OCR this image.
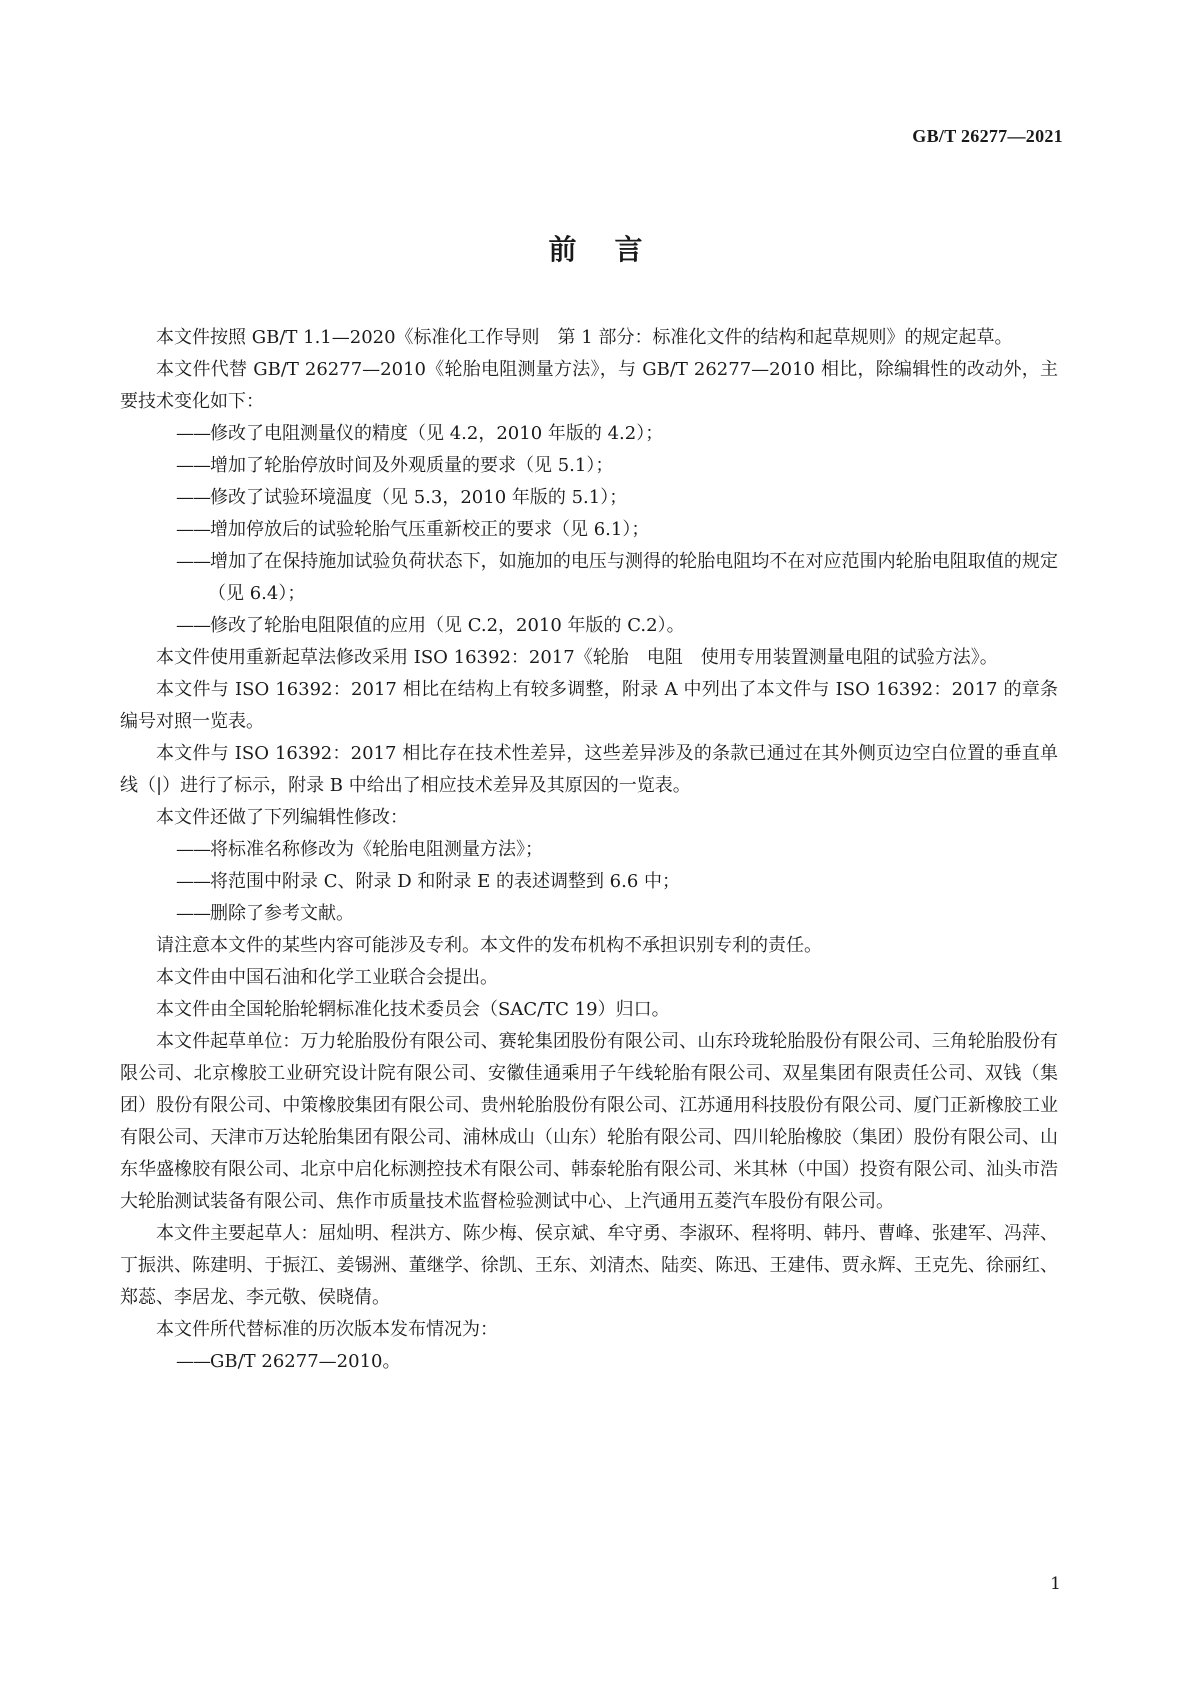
GB/T 26277—2021
前言

本文件按照 GB/T 1.1—2020《标准化工作导则　第 1 部分：标准化文件的结构和起草规则》的规定起草。

本文件代替 GB/T 26277—2010《轮胎电阻测量方法》，与 GB/T 26277—2010 相比，除编辑性的改动外，主要技术变化如下：

——修改了电阻测量仪的精度（见 4.2，2010 年版的 4.2）；

——增加了轮胎停放时间及外观质量的要求（见 5.1）；

——修改了试验环境温度（见 5.3，2010 年版的 5.1）；

——增加停放后的试验轮胎气压重新校正的要求（见 6.1）；

——增加了在保持施加试验负荷状态下，如施加的电压与测得的轮胎电阻均不在对应范围内轮胎电阻取值的规定（见 6.4）；

——修改了轮胎电阻限值的应用（见 C.2，2010 年版的 C.2）。

本文件使用重新起草法修改采用 ISO 16392：2017《轮胎　电阻　使用专用装置测量电阻的试验方法》。

本文件与 ISO 16392：2017 相比在结构上有较多调整，附录 A 中列出了本文件与 ISO 16392：2017 的章条编号对照一览表。

本文件与 ISO 16392：2017 相比存在技术性差异，这些差异涉及的条款已通过在其外侧页边空白位置的垂直单线（|）进行了标示，附录 B 中给出了相应技术差异及其原因的一览表。

本文件还做了下列编辑性修改：

——将标准名称修改为《轮胎电阻测量方法》；

——将范围中附录 C、附录 D 和附录 E 的表述调整到 6.6 中；

——删除了参考文献。

请注意本文件的某些内容可能涉及专利。本文件的发布机构不承担识别专利的责任。

本文件由中国石油和化学工业联合会提出。

本文件由全国轮胎轮辋标准化技术委员会（SAC/TC 19）归口。

本文件起草单位：万力轮胎股份有限公司、赛轮集团股份有限公司、山东玲珑轮胎股份有限公司、三角轮胎股份有限公司、北京橡胶工业研究设计院有限公司、安徽佳通乘用子午线轮胎有限公司、双星集团有限责任公司、双钱（集团）股份有限公司、中策橡胶集团有限公司、贵州轮胎股份有限公司、江苏通用科技股份有限公司、厦门正新橡胶工业有限公司、天津市万达轮胎集团有限公司、浦林成山（山东）轮胎有限公司、四川轮胎橡胶（集团）股份有限公司、山东华盛橡胶有限公司、北京中启化标测控技术有限公司、韩泰轮胎有限公司、米其林（中国）投资有限公司、汕头市浩大轮胎测试装备有限公司、焦作市质量技术监督检验测试中心、上汽通用五菱汽车股份有限公司。

本文件主要起草人：屈灿明、程洪方、陈少梅、侯京斌、牟守勇、李淑环、程将明、韩丹、曹峰、张建军、冯萍、丁振洪、陈建明、于振江、姜锡洲、董继学、徐凯、王东、刘清杰、陆奕、陈迅、王建伟、贾永辉、王克先、徐丽红、郑蕊、李居龙、李元敬、侯晓倩。

本文件所代替标准的历次版本发布情况为：

——GB/T 26277—2010。

1
